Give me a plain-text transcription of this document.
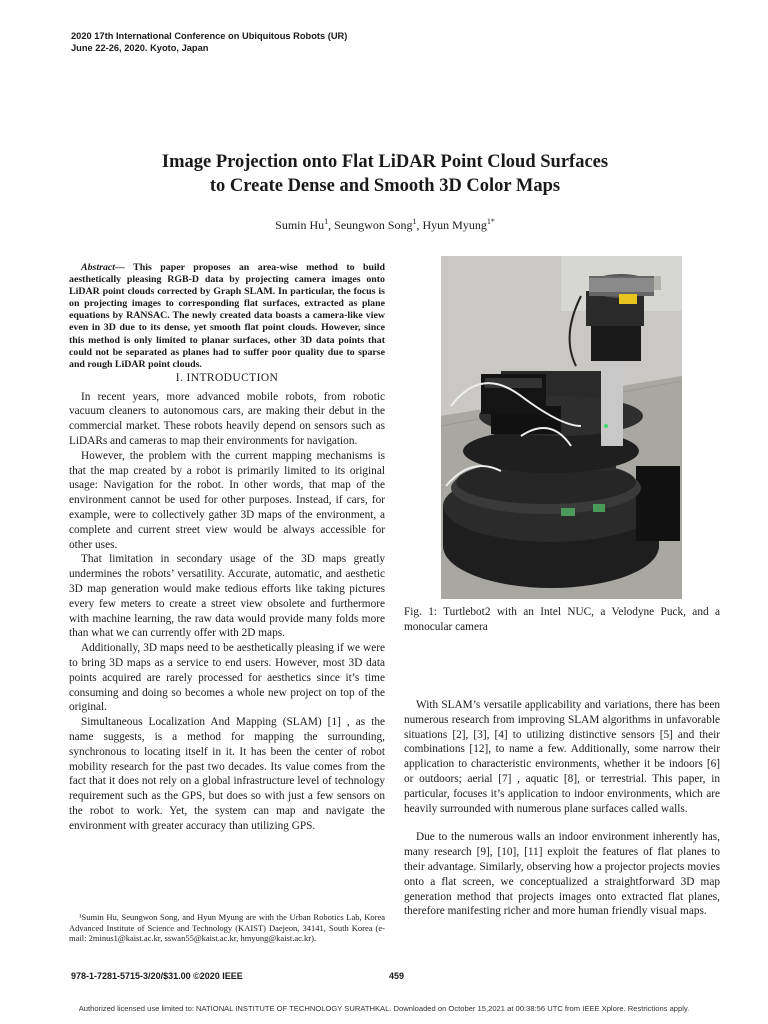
2020 17th International Conference on Ubiquitous Robots (UR)
June 22-26, 2020. Kyoto, Japan
Image Projection onto Flat LiDAR Point Cloud Surfaces
to Create Dense and Smooth 3D Color Maps
Sumin Hu$^1$, Seungwon Song$^1$, Hyun Myung$^{1*}$

Abstract— This paper proposes an area-wise method to build aesthetically pleasing RGB-D data by projecting camera images onto LiDAR point clouds corrected by Graph SLAM. In particular, the focus is on projecting images to corresponding flat surfaces, extracted as plane equations by RANSAC. The newly created data boasts a camera-like view even in 3D due to its dense, yet smooth flat point clouds. However, since this method is only limited to planar surfaces, other 3D data points that could not be separated as planes had to suffer poor quality due to sparse and rough LiDAR point clouds.

I. INTRODUCTION

In recent years, more advanced mobile robots, from robotic vacuum cleaners to autonomous cars, are making their debut in the commercial market. These robots heavily depend on sensors such as LiDARs and cameras to map their environments for navigation.

However, the problem with the current mapping mechanisms is that the map created by a robot is primarily limited to its original usage: Navigation for the robot. In other words, that map of the environment cannot be used for other purposes. Instead, if cars, for example, were to collectively gather 3D maps of the environment, a complete and current street view would be always accessible for other uses.

That limitation in secondary usage of the 3D maps greatly undermines the robots’ versatility. Accurate, automatic, and aesthetic 3D map generation would make tedious efforts like taking pictures every few meters to create a street view obsolete and furthermore with machine learning, the raw data would provide many folds more than what we can currently offer with 2D maps.

Additionally, 3D maps need to be aesthetically pleasing if we were to bring 3D maps as a service to end users. However, most 3D data points acquired are rarely processed for aesthetics since it’s time consuming and doing so becomes a whole new project on top of the original.

Simultaneous Localization And Mapping (SLAM) [1] , as the name suggests, is a method for mapping the surrounding, synchronous to locating itself in it. It has been the center of robot mobility research for the past two decades. Its value comes from the fact that it does not rely on a global infrastructure level of technology requirement such as the GPS, but does so with just a few sensors on the robot to work. Yet, the system can map and navigate the environment with greater accuracy than utilizing GPS.

¹Sumin Hu, Seungwon Song, and Hyun Myung are with the Urban Robotics Lab, Korea Advanced Institute of Science and Technology (KAIST) Daejeon, 34141, South Korea (e-mail: 2minus1@kaist.ac.kr, sswan55@kaist.ac.kr, hmyung@kaist.ac.kr).
Fig. 1: Turtlebot2 with an Intel NUC, a Velodyne Puck, and a monocular camera

With SLAM’s versatile applicability and variations, there has been numerous research from improving SLAM algorithms in unfavorable situations [2], [3], [4] to utilizing distinctive sensors [5] and their combinations [12], to name a few. Additionally, some narrow their application to characteristic environments, whether it be indoors [6] or outdoors; aerial [7] , aquatic [8], or terrestrial. This paper, in particular, focuses it’s application to indoor environments, which are heavily surrounded with numerous plane surfaces called walls.

Due to the numerous walls an indoor environment inherently has, many research [9], [10], [11] exploit the features of flat planes to their advantage. Similarly, observing how a projector projects movies onto a flat screen, we conceptualized a straightforward 3D map generation method that projects images onto extracted flat planes, therefore manifesting richer and more human friendly visual maps.

978-1-7281-5715-3/20/$31.00 ©2020 IEEE	459
Authorized licensed use limited to: NATIONAL INSTITUTE OF TECHNOLOGY SURATHKAL. Downloaded on October 15,2021 at 00:38:56 UTC from IEEE Xplore. Restrictions apply.
